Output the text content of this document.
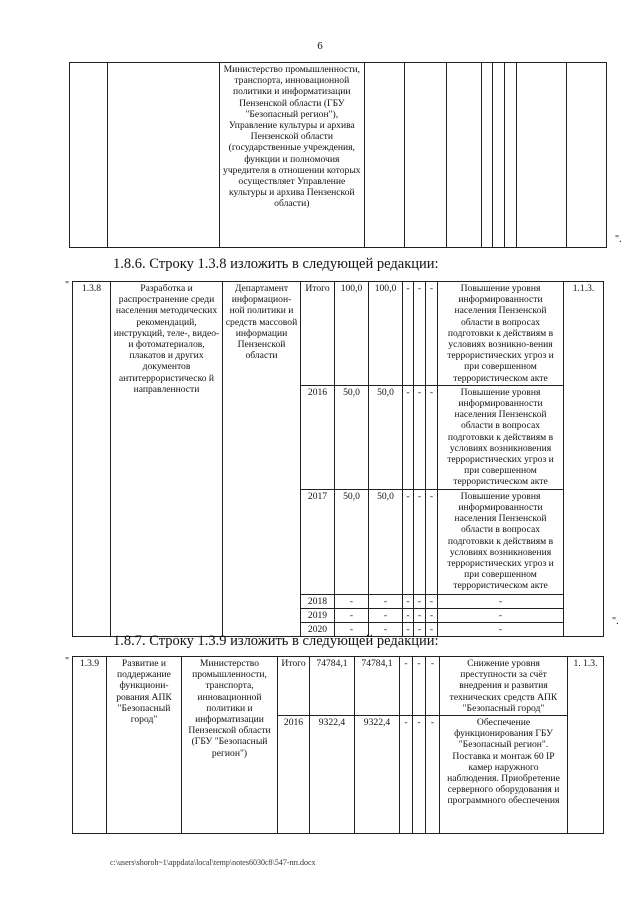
6
		Министерство промышленности, транспорта, инновационной политики и информатизации Пензенской области (ГБУ "Безопасный регион"), Управление культуры и архива Пензенской области (государственные учреждения, функции и полномочия учредителя в отношении которых осуществляет Управление культуры и архива Пензенской области)								
".
1.8.6. Строку 1.3.8 изложить в следующей редакции:
" 1.3.8	Разработка и распространение среди населения методических рекомендаций, инструкций, теле-, видео- и фотоматериалов, плакатов и других документов антитеррористическо й направленности	Департамент информацион-ной политики и средств массовой информации Пензенской области	Итого	100,0	100,0	-	-	-	Повышение уровня информированности населения Пензенской области в вопросах подготовки к действиям в условиях возникно-вения террористических угроз и при совершенном террористическом акте	1.1.3.
			2016	50,0	50,0	-	-	-	Повышение уровня информированности населения Пензенской области в вопросах подготовки к действиям в условиях возникновения террористических угроз и при совершенном террористическом акте	
			2017	50,0	50,0	-	-	-	Повышение уровня информированности населения Пензенской области в вопросах подготовки к действиям в условиях возникновения террористических угроз и при совершенном террористическом акте	
			2018	-	-	-	-	-	-	
			2019	-	-	-	-	-	-	
			2020	-	-	-	-	-	-	
".
1.8.7. Строку 1.3.9 изложить в следующей редакции:
" 1.3.9	Развитие и поддержание функциони-рования АПК "Безопасный город"	Министерство промышленности, транспорта, инновационной политики и информатизации Пензенской области (ГБУ "Безопасный регион")	Итого	74784,1	74784,1	-	-	-	Снижение уровня преступности за счёт внедрения и развития технических средств АПК "Безопасный город"	1. 1.3.
			2016	9322,4	9322,4	-	-	-	Обеспечение функционирования ГБУ "Безопасный регион". Поставка и монтаж 60 IP камер наружного наблюдения. Приобретение серверного оборудования и программного обеспечения	
c:\users\shoroh~1\appdata\local\temp\notes6030c8\547-пп.docx
